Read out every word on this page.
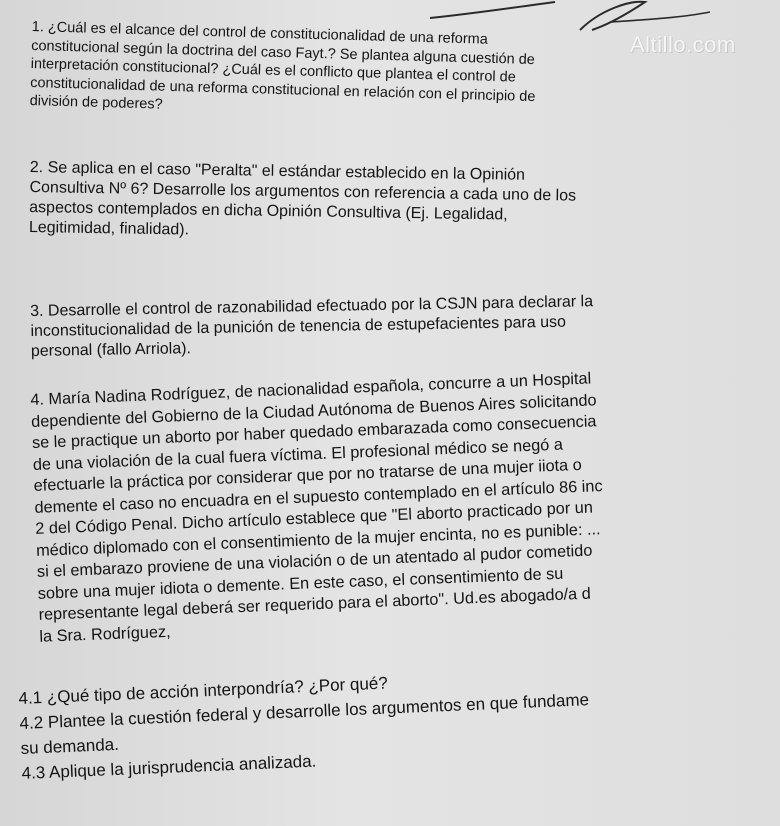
Altillo.com

1. ¿Cuál es el alcance del control de constitucionalidad de una reforma
constitucional según la doctrina del caso Fayt.? Se plantea alguna cuestión de
interpretación constitucional? ¿Cuál es el conflicto que plantea el control de
constitucionalidad de una reforma constitucional en relación con el principio de
división de poderes?

2. Se aplica en el caso "Peralta" el estándar establecido en la Opinión
Consultiva Nº 6? Desarrolle los argumentos con referencia a cada uno de los
aspectos contemplados en dicha Opinión Consultiva (Ej. Legalidad,
Legitimidad, finalidad).

3. Desarrolle el control de razonabilidad efectuado por la CSJN para declarar la
inconstitucionalidad de la punición de tenencia de estupefacientes para uso
personal (fallo Arriola).

4. María Nadina Rodríguez, de nacionalidad española, concurre a un Hospital
dependiente del Gobierno de la Ciudad Autónoma de Buenos Aires solicitando
se le practique un aborto por haber quedado embarazada como consecuencia
de una violación de la cual fuera víctima. El profesional médico se negó a
efectuarle la práctica por considerar que por no tratarse de una mujer iiota o
demente el caso no encuadra en el supuesto contemplado en el artículo 86 inc
2 del Código Penal. Dicho artículo establece que "El aborto practicado por un
médico diplomado con el consentimiento de la mujer encinta, no es punible: ...
si el embarazo proviene de una violación o de un atentado al pudor cometido
sobre una mujer idiota o demente. En este caso, el consentimiento de su
representante legal deberá ser requerido para el aborto". Ud.es abogado/a d
la Sra. Rodríguez,

4.1 ¿Qué tipo de acción interpondría? ¿Por qué?
4.2 Plantee la cuestión federal y desarrolle los argumentos en que fundame
su demanda.
4.3 Aplique la jurisprudencia analizada.
